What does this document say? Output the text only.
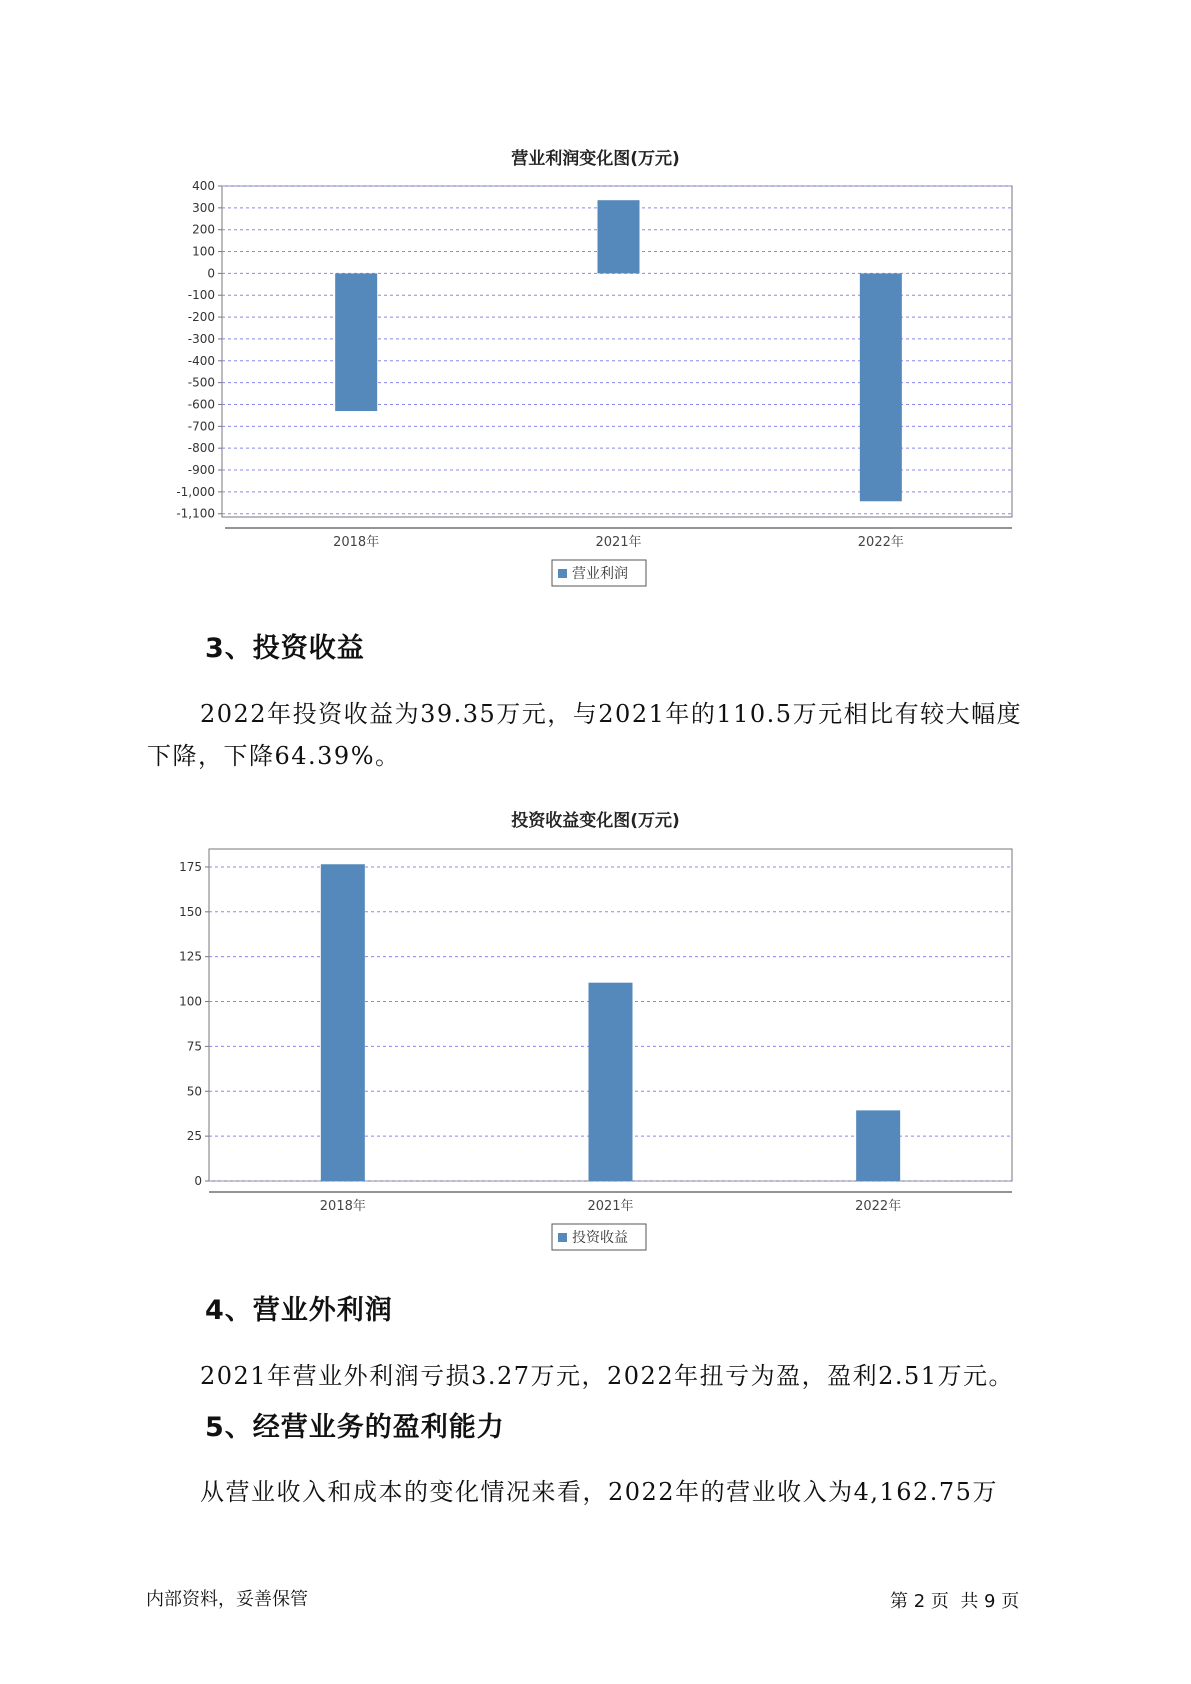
营业利润变化图(万元)
400
300
200
100
0
-100
-200
-300
-400
-500
-600
-700
-800
-900
-1,000
-1,100
2018年	2021年	2022年
营业利润
3、投资收益
2022年投资收益为39.35万元，与2021年的110.5万元相比有较大幅度
下降，下降64.39%。
投资收益变化图(万元)
175
150
125
100
75
50
25
0
2018年	2021年	2022年
投资收益
4、营业外利润
2021年营业外利润亏损3.27万元，2022年扭亏为盈，盈利2.51万元。
5、经营业务的盈利能力
从营业收入和成本的变化情况来看，2022年的营业收入为4,162.75万
内部资料，妥善保管	第 2 页  共 9 页
